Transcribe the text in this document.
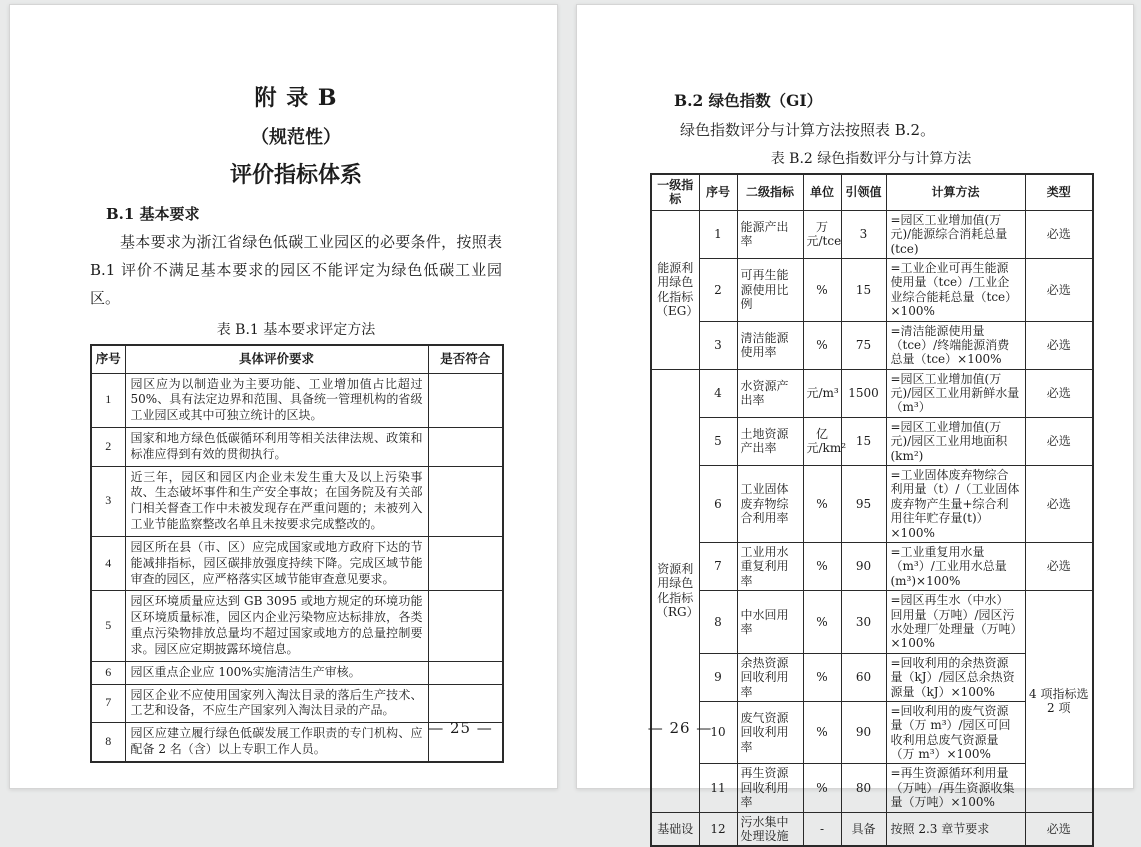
附 录 B
（规范性）
评价指标体系
B.1 基本要求

基本要求为浙江省绿色低碳工业园区的必要条件，按照表 B.1 评价不满足基本要求的园区不能评定为绿色低碳工业园区。

表 B.1 基本要求评定方法
序号	具体评价要求	是否符合
1	园区应为以制造业为主要功能、工业增加值占比超过 50%、具有法定边界和范围、具备统一管理机构的省级工业园区或其中可独立统计的区块。	
2	国家和地方绿色低碳循环利用等相关法律法规、政策和标准应得到有效的贯彻执行。	
3	近三年，园区和园区内企业未发生重大及以上污染事故、生态破坏事件和生产安全事故；在国务院及有关部门相关督查工作中未被发现存在严重问题的；未被列入工业节能监察整改名单且未按要求完成整改的。	
4	园区所在县（市、区）应完成国家或地方政府下达的节能减排指标，园区碳排放强度持续下降。完成区域节能审查的园区，应严格落实区域节能审查意见要求。	
5	园区环境质量应达到 GB 3095 或地方规定的环境功能区环境质量标准，园区内企业污染物应达标排放，各类重点污染物排放总量均不超过国家或地方的总量控制要求。园区应定期披露环境信息。	
6	园区重点企业应 100%实施清洁生产审核。	
7	园区企业不应使用国家列入淘汰目录的落后生产技术、工艺和设备，不应生产国家列入淘汰目录的产品。	
8	园区应建立履行绿色低碳发展工作职责的专门机构、应配备 2 名（含）以上专职工作人员。	
— 25 —
B.2 绿色指数（GI）

绿色指数评分与计算方法按照表 B.2。

表 B.2 绿色指数评分与计算方法
一级指标	序号	二级指标	单位	引领值	计算方法	类型
能源利用绿色化指标（EG）	1	能源产出率	万元/tce	3	=园区工业增加值(万元)/能源综合消耗总量(tce)	必选
	2	可再生能源使用比例	%	15	=工业企业可再生能源使用量（tce）/工业企业综合能耗总量（tce）×100%	必选
	3	清洁能源使用率	%	75	=清洁能源使用量（tce）/终端能源消费总量（tce）×100%	必选
资源利用绿色化指标（RG）	4	水资源产出率	元/m³	1500	=园区工业增加值(万元)/园区工业用新鲜水量（m³）	必选
	5	土地资源产出率	亿元/km²	15	=园区工业增加值(万元)/园区工业用地面积(km²)	必选
	6	工业固体废弃物综合利用率	%	95	=工业固体废弃物综合利用量（t）/（工业固体废弃物产生量+综合利用往年贮存量(t)）×100%	必选
	7	工业用水重复利用率	%	90	=工业重复用水量（m³）/工业用水总量(m³)×100%	必选
	8	中水回用率	%	30	=园区再生水（中水）回用量（万吨）/园区污水处理厂处理量（万吨）×100%	4 项指标选 2 项
	9	余热资源回收利用率	%	60	=回收利用的余热资源量（kJ）/园区总余热资源量（kJ）×100%	
	10	废气资源回收利用率	%	90	=回收利用的废气资源量（万 m³）/园区可回收利用总废气资源量（万 m³）×100%	
	11	再生资源回收利用率	%	80	=再生资源循环利用量（万吨）/再生资源收集量（万吨）×100%	
基础设	12	污水集中处理设施	-	具备	按照 2.3 章节要求	必选
— 26 —
